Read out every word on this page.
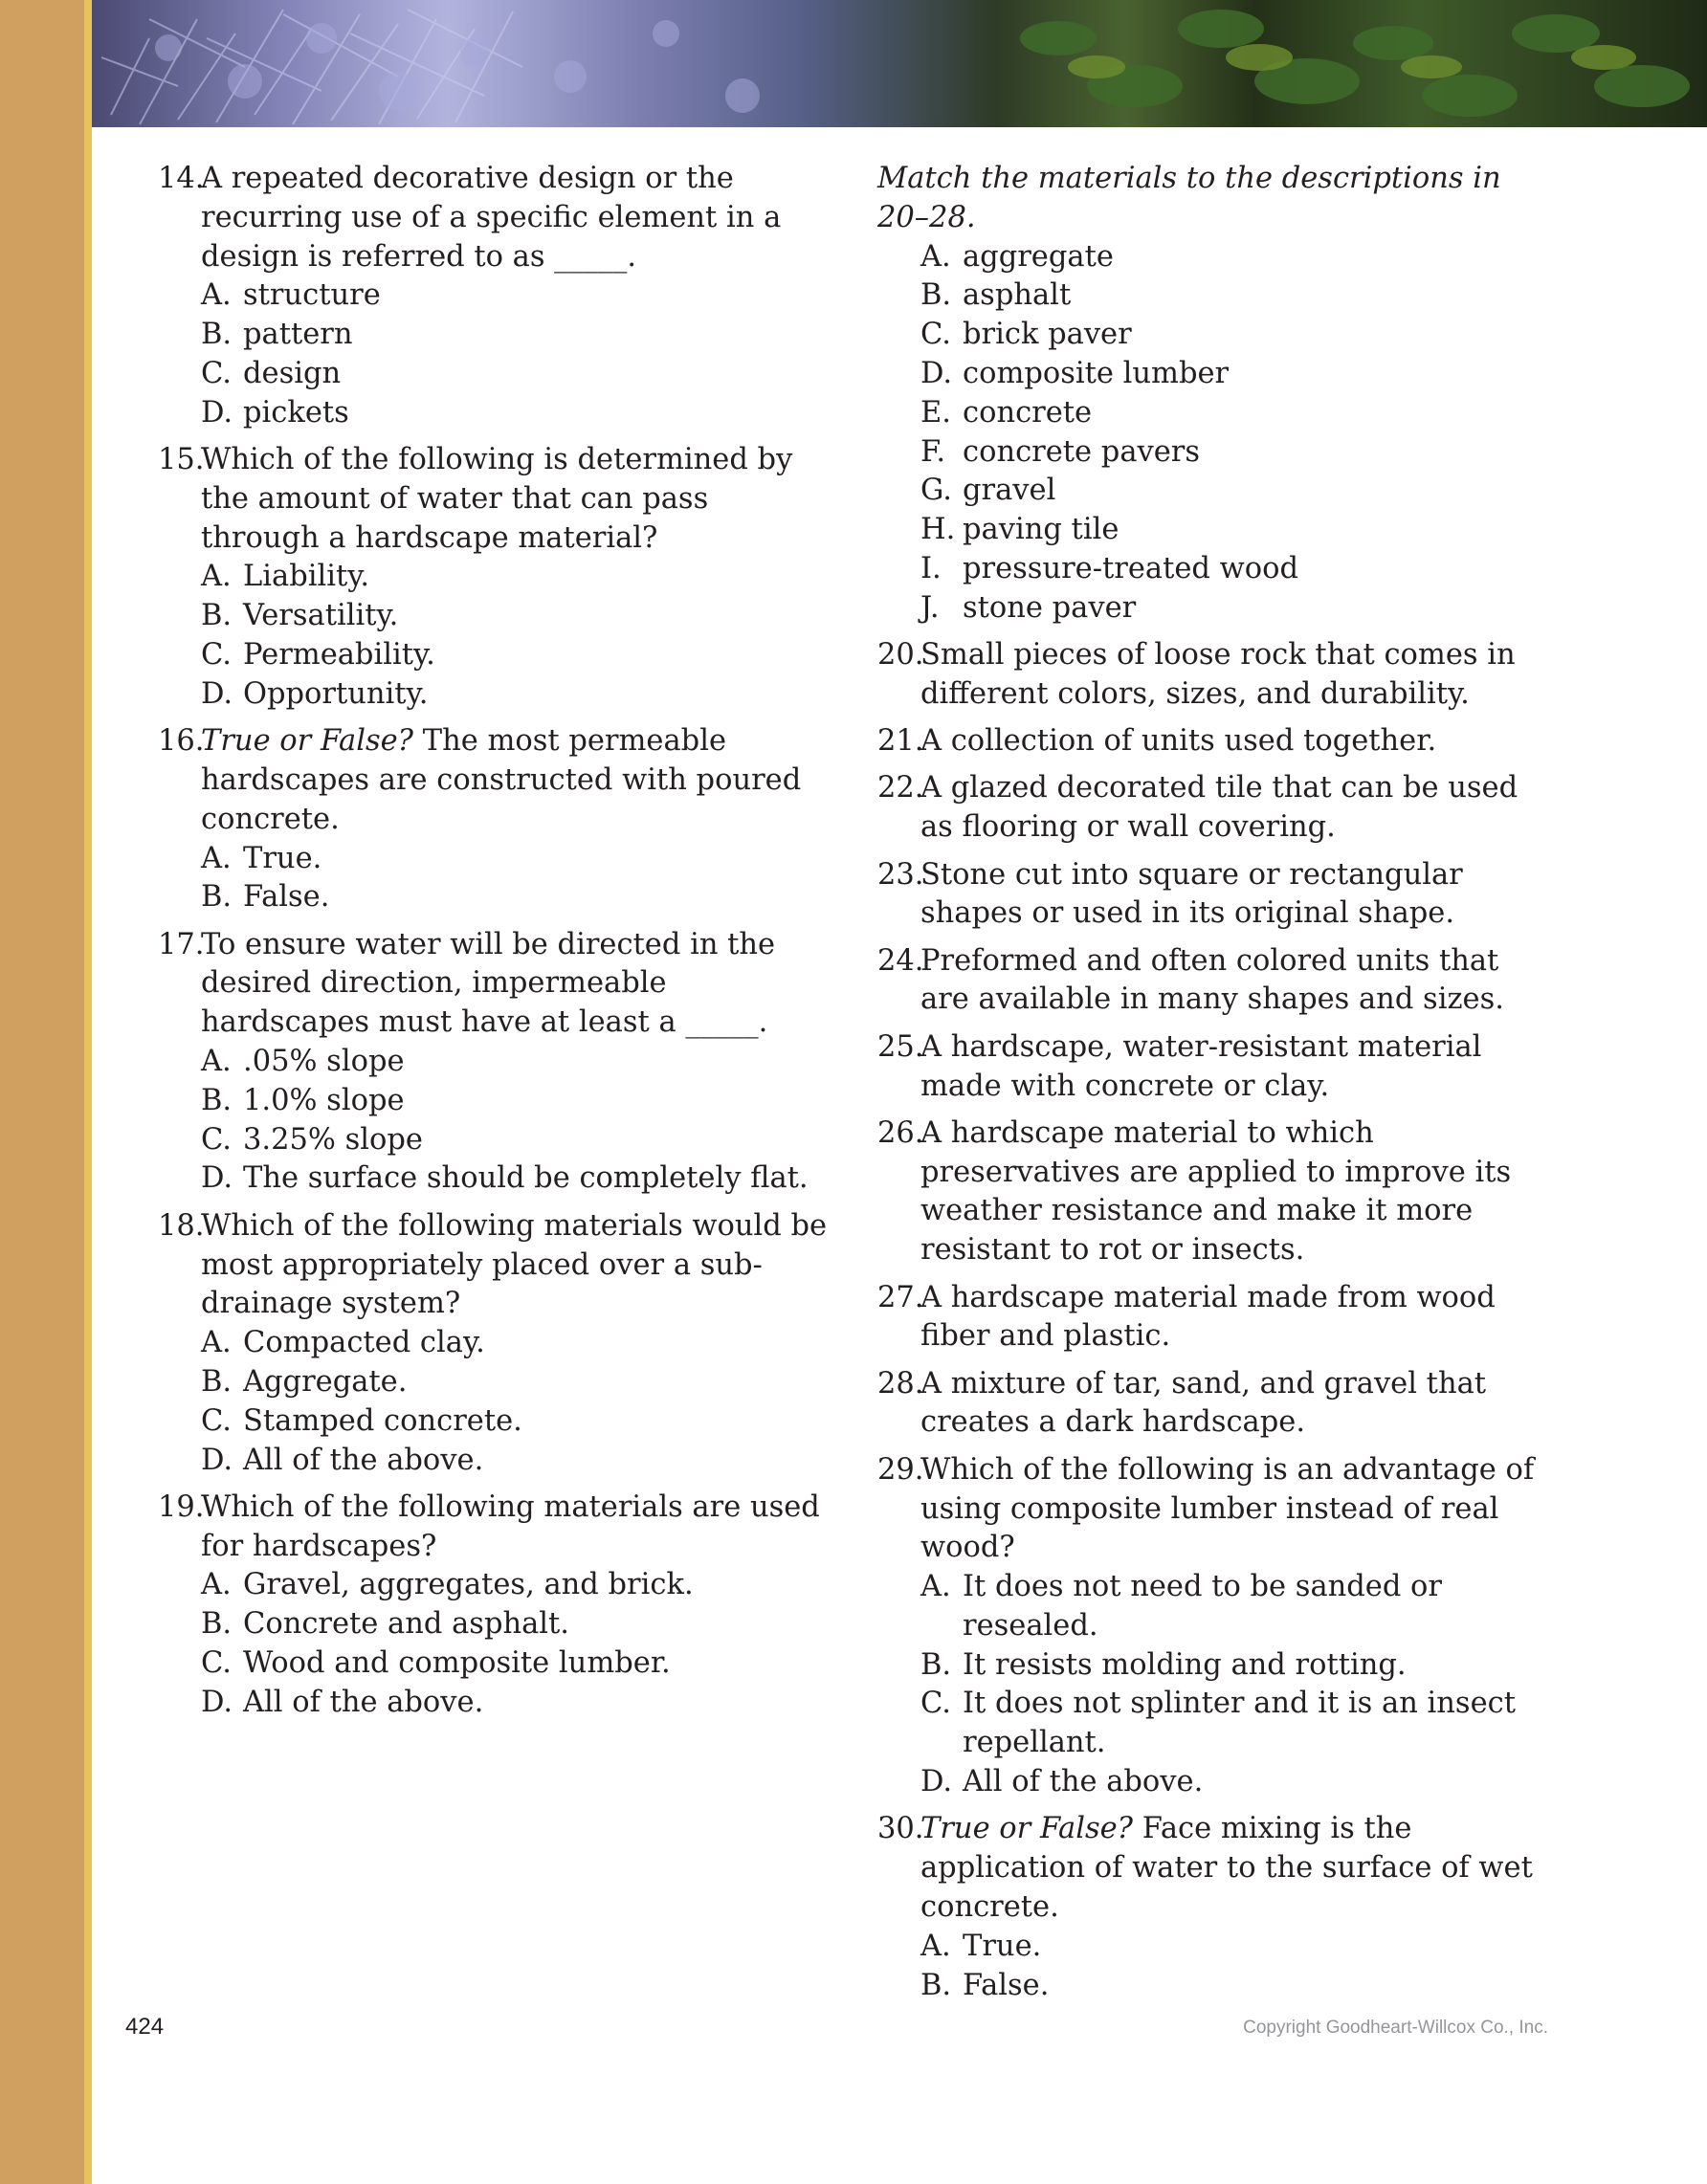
14.
A repeated decorative design or the recurring use of a specific element in a design is referred to as _____.
A. structure
B. pattern
C. design
D. pickets
15.
Which of the following is determined by the amount of water that can pass through a hardscape material?
A. Liability.
B. Versatility.
C. Permeability.
D. Opportunity.
16.
True or False? The most permeable hardscapes are constructed with poured concrete.
A. True.
B. False.
17.
To ensure water will be directed in the desired direction, impermeable hardscapes must have at least a _____.
A. .05% slope
B. 1.0% slope
C. 3.25% slope
D. The surface should be completely flat.
18.
Which of the following materials would be most appropriately placed over a sub-drainage system?
A. Compacted clay.
B. Aggregate.
C. Stamped concrete.
D. All of the above.
19.
Which of the following materials are used for hardscapes?
A. Gravel, aggregates, and brick.
B. Concrete and asphalt.
C. Wood and composite lumber.
D. All of the above.
Match the materials to the descriptions in 20–28.
A. aggregate
B. asphalt
C. brick paver
D. composite lumber
E. concrete
F. concrete pavers
G. gravel
H. paving tile
I. pressure-treated wood
J. stone paver
20.
Small pieces of loose rock that comes in different colors, sizes, and durability.
21.
A collection of units used together.
22.
A glazed decorated tile that can be used as flooring or wall covering.
23.
Stone cut into square or rectangular shapes or used in its original shape.
24.
Preformed and often colored units that are available in many shapes and sizes.
25.
A hardscape, water-resistant material made with concrete or clay.
26.
A hardscape material to which preservatives are applied to improve its weather resistance and make it more resistant to rot or insects.
27.
A hardscape material made from wood fiber and plastic.
28.
A mixture of tar, sand, and gravel that creates a dark hardscape.
29.
Which of the following is an advantage of using composite lumber instead of real wood?
A. It does not need to be sanded or resealed.
B. It resists molding and rotting.
C. It does not splinter and it is an insect repellant.
D. All of the above.
30.
True or False? Face mixing is the application of water to the surface of wet concrete.
A. True.
B. False.
424	Copyright Goodheart-Willcox Co., Inc.
